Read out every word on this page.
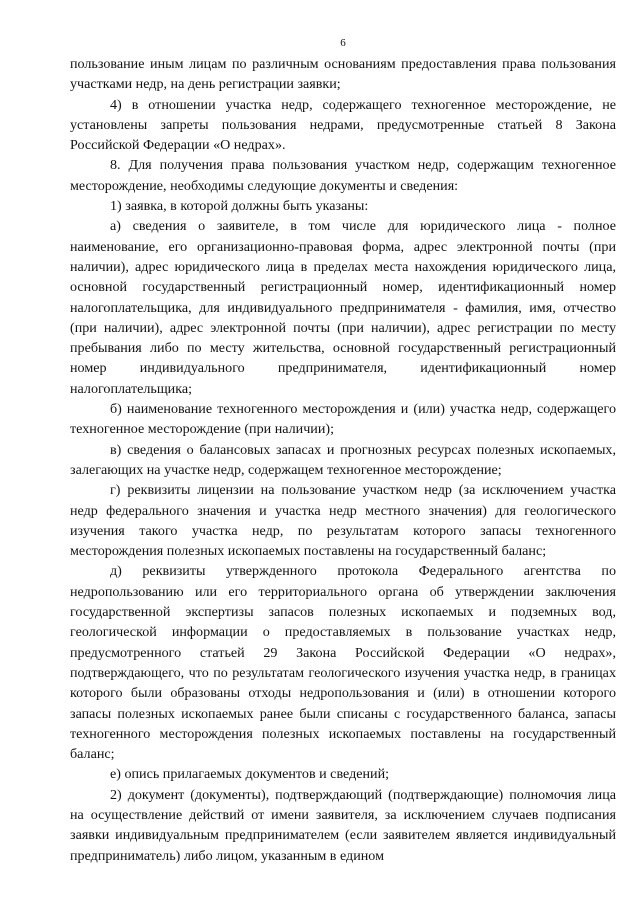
6

пользование иным лицам по различным основаниям предоставления права пользования участками недр, на день регистрации заявки;

4) в отношении участка недр, содержащего техногенное месторождение, не установлены запреты пользования недрами, предусмотренные статьей 8 Закона Российской Федерации «О недрах».

8. Для получения права пользования участком недр, содержащим техногенное месторождение, необходимы следующие документы и сведения:

1) заявка, в которой должны быть указаны:

а) сведения о заявителе, в том числе для юридического лица - полное наименование, его организационно-правовая форма, адрес электронной почты (при наличии), адрес юридического лица в пределах места нахождения юридического лица, основной государственный регистрационный номер, идентификационный номер налогоплательщика, для индивидуального предпринимателя - фамилия, имя, отчество (при наличии), адрес электронной почты (при наличии), адрес регистрации по месту пребывания либо по месту жительства, основной государственный регистрационный номер индивидуального предпринимателя, идентификационный номер налогоплательщика;

б) наименование техногенного месторождения и (или) участка недр, содержащего техногенное месторождение (при наличии);

в) сведения о балансовых запасах и прогнозных ресурсах полезных ископаемых, залегающих на участке недр, содержащем техногенное месторождение;

г) реквизиты лицензии на пользование участком недр (за исключением участка недр федерального значения и участка недр местного значения) для геологического изучения такого участка недр, по результатам которого запасы техногенного месторождения полезных ископаемых поставлены на государственный баланс;

д) реквизиты утвержденного протокола Федерального агентства по недропользованию или его территориального органа об утверждении заключения государственной экспертизы запасов полезных ископаемых и подземных вод, геологической информации о предоставляемых в пользование участках недр, предусмотренного статьей 29 Закона Российской Федерации «О недрах», подтверждающего, что по результатам геологического изучения участка недр, в границах которого были образованы отходы недропользования и (или) в отношении которого запасы полезных ископаемых ранее были списаны с государственного баланса, запасы техногенного месторождения полезных ископаемых поставлены на государственный баланс;

е) опись прилагаемых документов и сведений;

2) документ (документы), подтверждающий (подтверждающие) полномочия лица на осуществление действий от имени заявителя, за исключением случаев подписания заявки индивидуальным предпринимателем (если заявителем является индивидуальный предприниматель) либо лицом, указанным в едином
